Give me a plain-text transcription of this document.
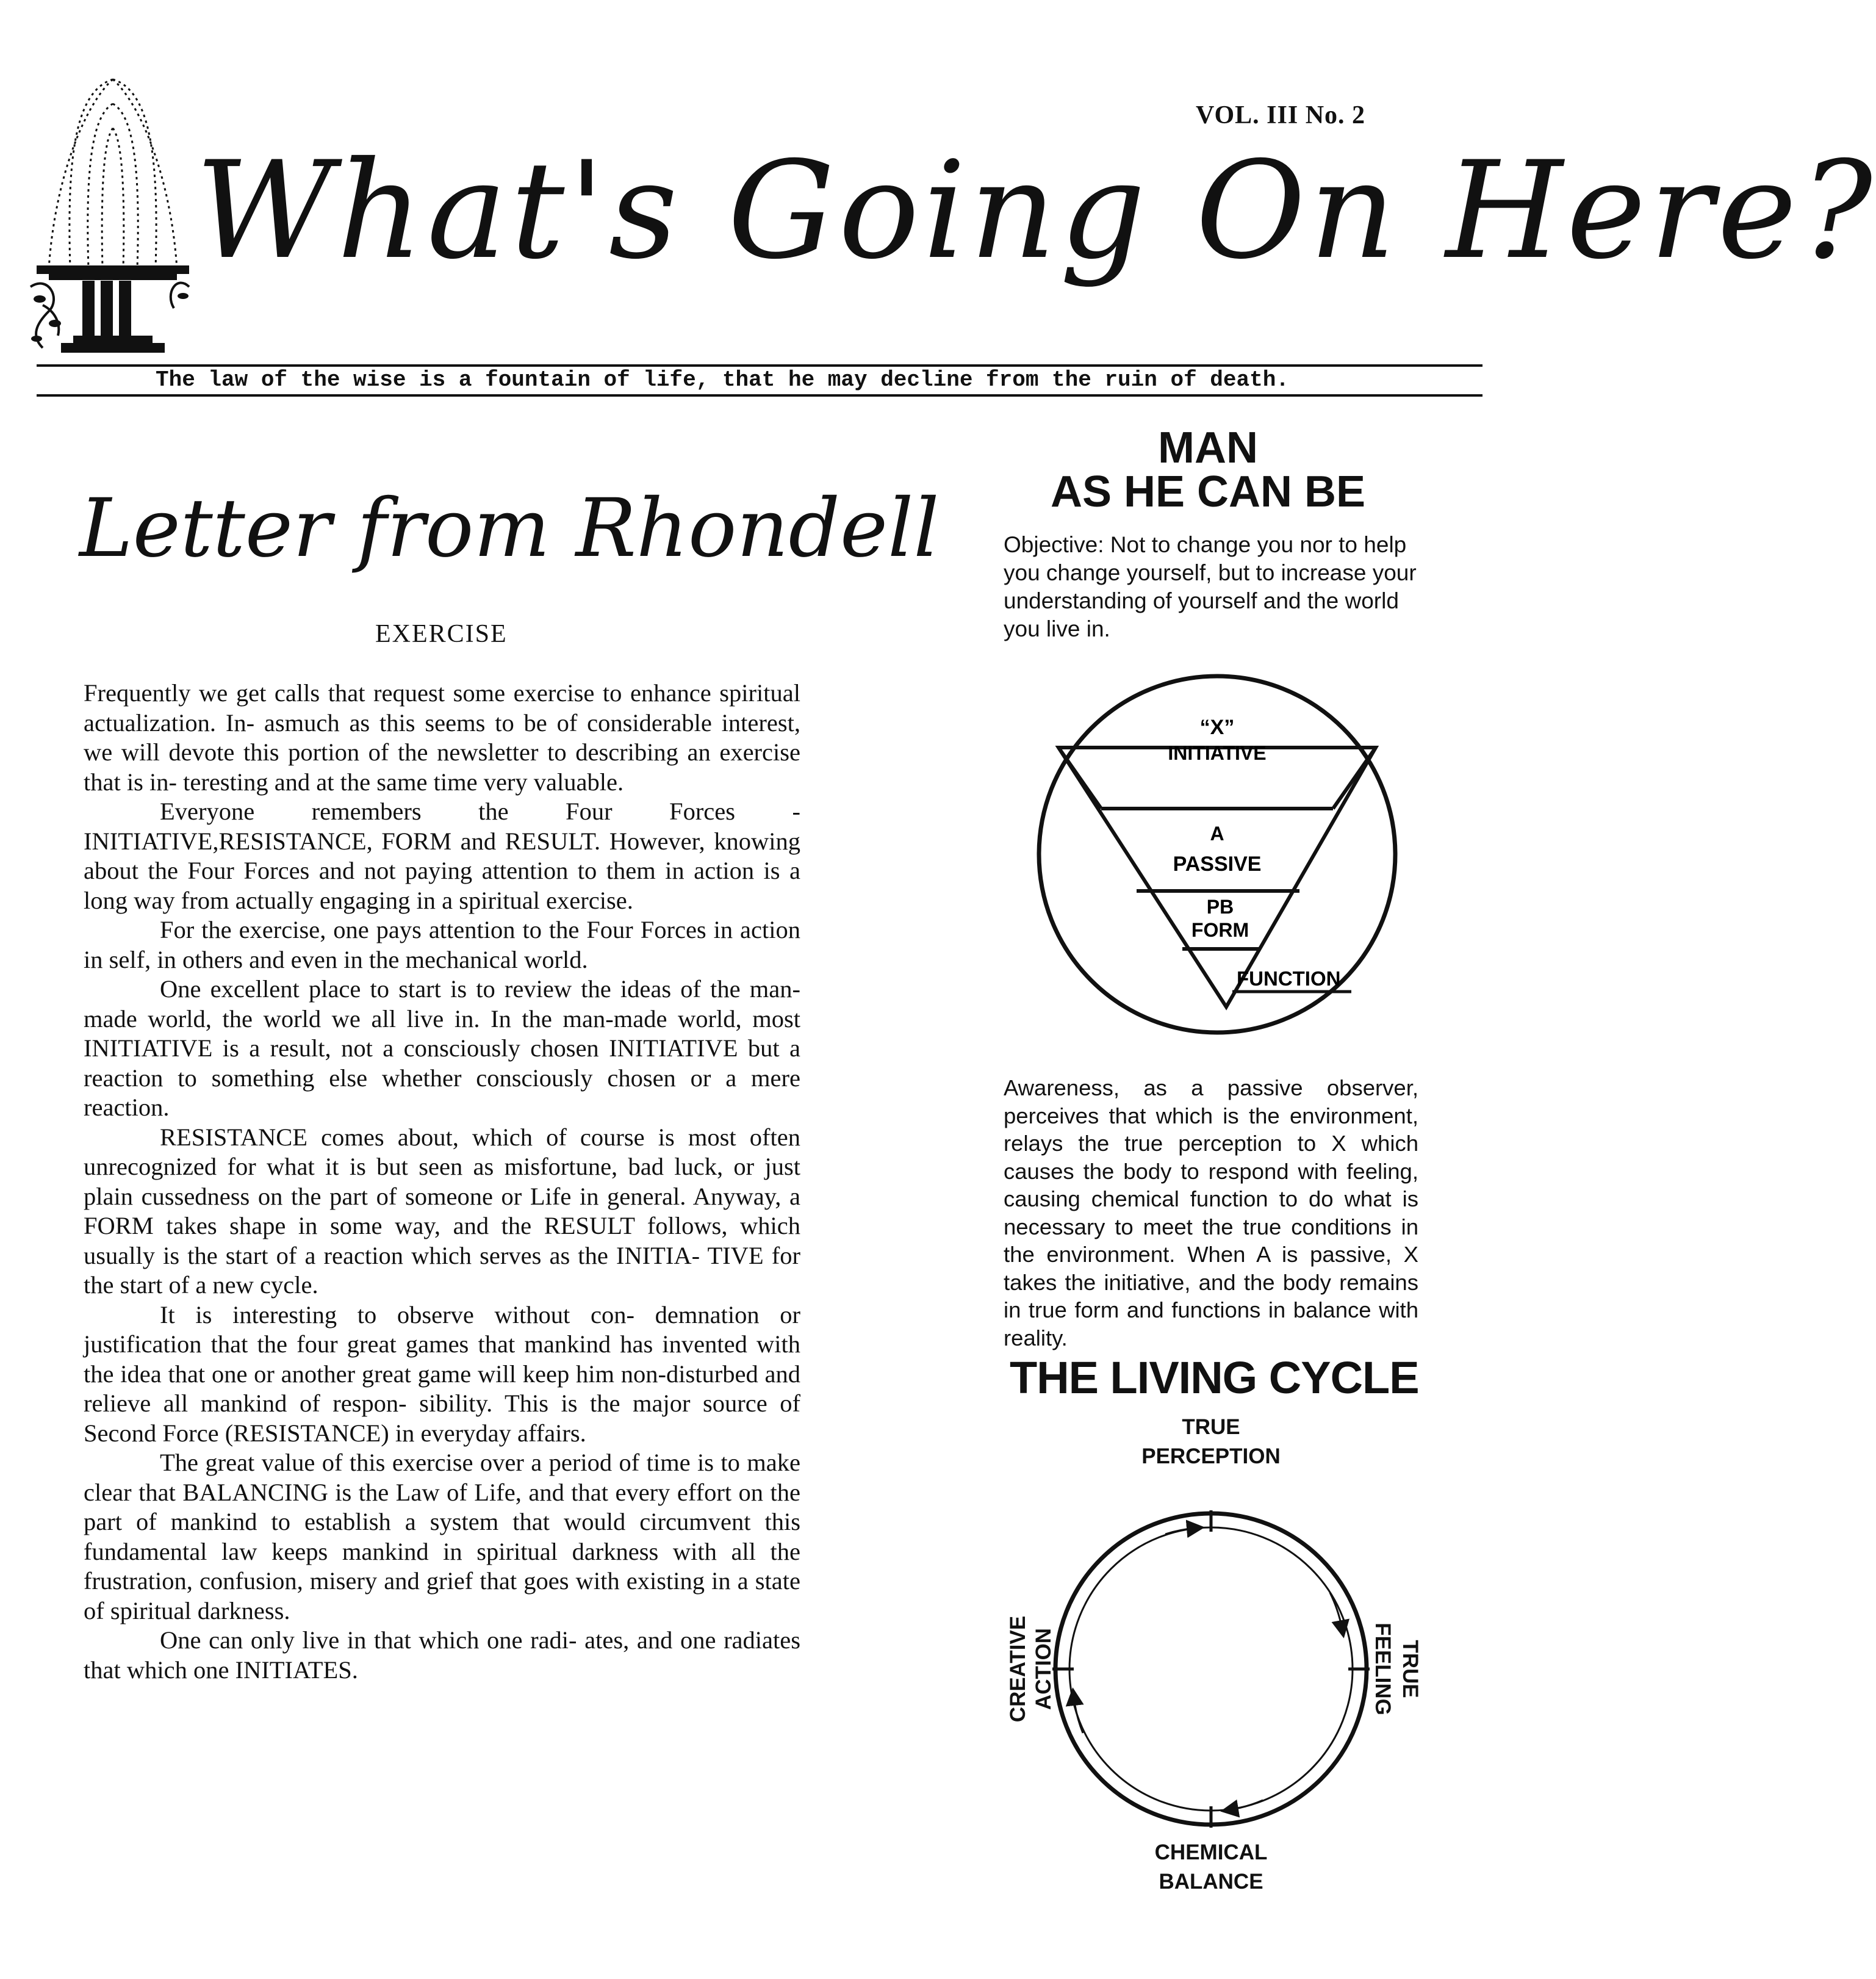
VOL. III No. 2
What's Going On Here?
The law of the wise is a fountain of life, that he may decline from the ruin of death.
Letter from Rhondell
EXERCISE

Frequently we get calls that request some exercise to enhance spiritual actualization. In- asmuch as this seems to be of considerable interest, we will devote this portion of the newsletter to describing an exercise that is in- teresting and at the same time very valuable.

Everyone remembers the Four Forces - INITIATIVE,RESISTANCE, FORM and RESULT. However, knowing about the Four Forces and not paying attention to them in action is a long way from actually engaging in a spiritual exercise.

For the exercise, one pays attention to the Four Forces in action in self, in others and even in the mechanical world.

One excellent place to start is to review the ideas of the man-made world, the world we all live in. In the man-made world, most INITIATIVE is a result, not a consciously chosen INITIATIVE but a reaction to something else whether consciously chosen or a mere reaction.

RESISTANCE comes about, which of course is most often unrecognized for what it is but seen as misfortune, bad luck, or just plain cussedness on the part of someone or Life in general. Anyway, a FORM takes shape in some way, and the RESULT follows, which usually is the start of a reaction which serves as the INITIA- TIVE for the start of a new cycle.

It is interesting to observe without con- demnation or justification that the four great games that mankind has invented with the idea that one or another great game will keep him non-disturbed and relieve all mankind of respon- sibility. This is the major source of Second Force (RESISTANCE) in everyday affairs.

The great value of this exercise over a period of time is to make clear that BALANCING is the Law of Life, and that every effort on the part of mankind to establish a system that would circumvent this fundamental law keeps mankind in spiritual darkness with all the frustration, confusion, misery and grief that goes with existing in a state of spiritual darkness.

One can only live in that which one radi- ates, and one radiates that which one INITIATES.

MAN
AS HE CAN BE
Objective: Not to change you nor to help you change yourself, but to increase your understanding of yourself and the world you live in.
“X”
INITIATIVE
A
PASSIVE
PB
FORM
FUNCTION
Awareness, as a passive observer, perceives that which is the environment, relays the true perception to X which causes the body to respond with feeling, causing chemical function to do what is necessary to meet the true conditions in the environment. When A is passive, X takes the initiative, and the body remains in true form and functions in balance with reality.
THE LIVING CYCLE
TRUE
PERCEPTION
TRUE
FEELING
CHEMICAL
BALANCE
CREATIVE ACTION
